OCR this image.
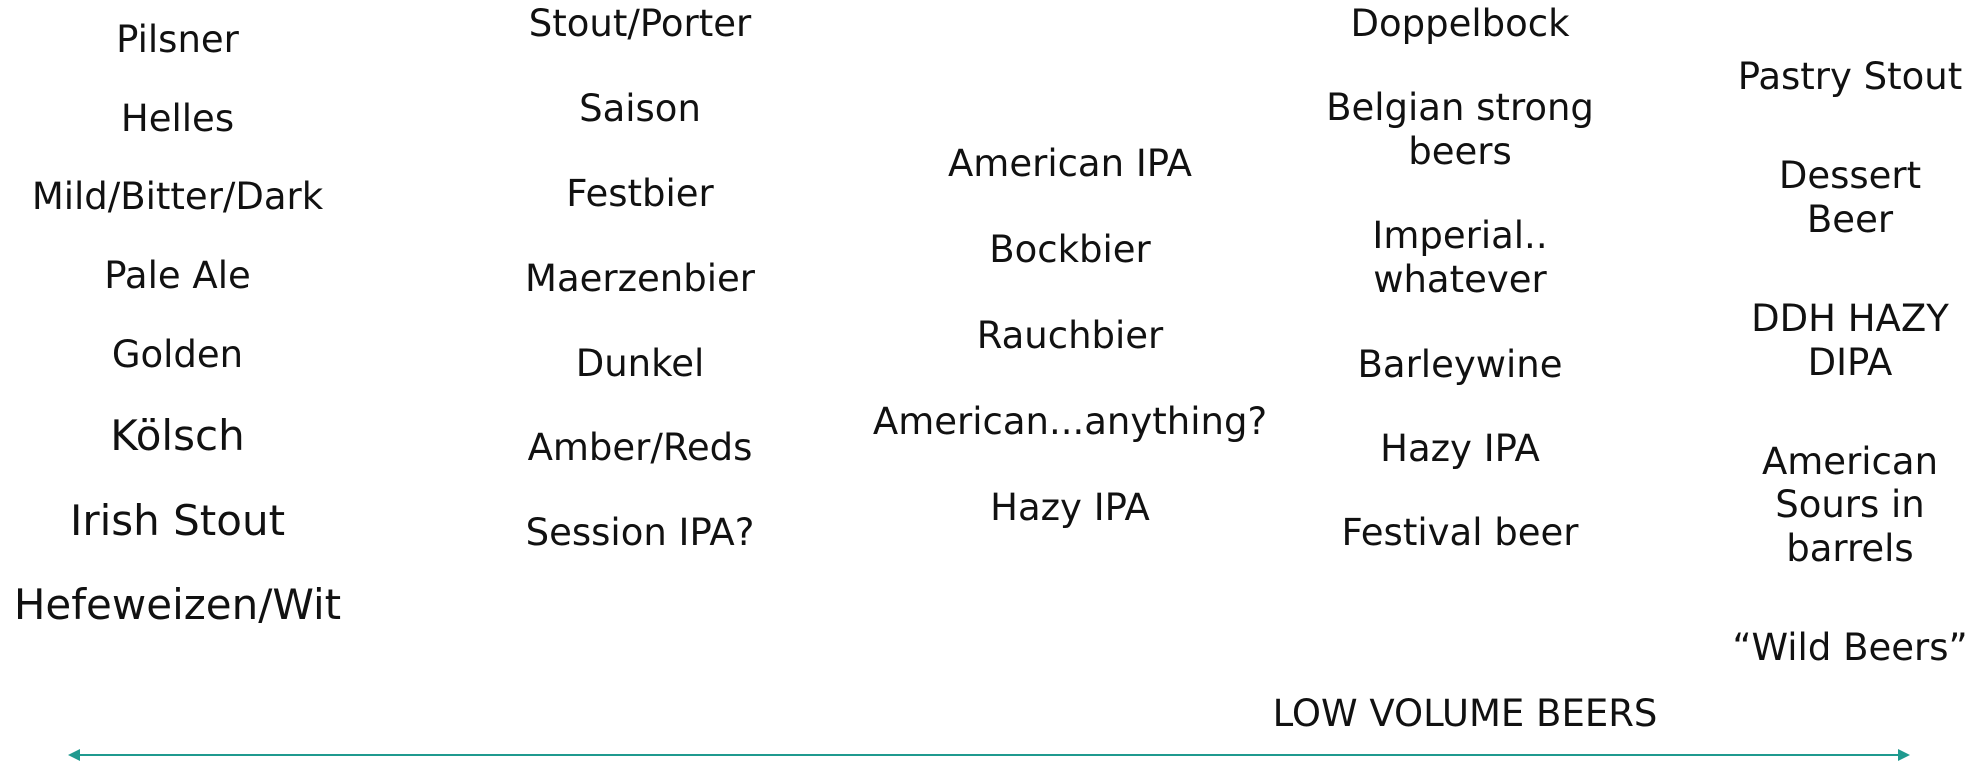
Pilsner
Helles
Mild/Bitter/Dark
Pale Ale
Golden
Kölsch
Irish Stout
Hefeweizen/Wit
Stout/Porter
Saison
Festbier
Maerzenbier
Dunkel
Amber/Reds
Session IPA?
American IPA
Bockbier
Rauchbier
American...anything?
Hazy IPA
Doppelbock
Belgian strong
beers
Imperial..
whatever
Barleywine
Hazy IPA
Festival beer
Pastry Stout
Dessert
Beer
DDH HAZY
DIPA
American
Sours in
barrels
“Wild Beers”
LOW VOLUME BEERS
